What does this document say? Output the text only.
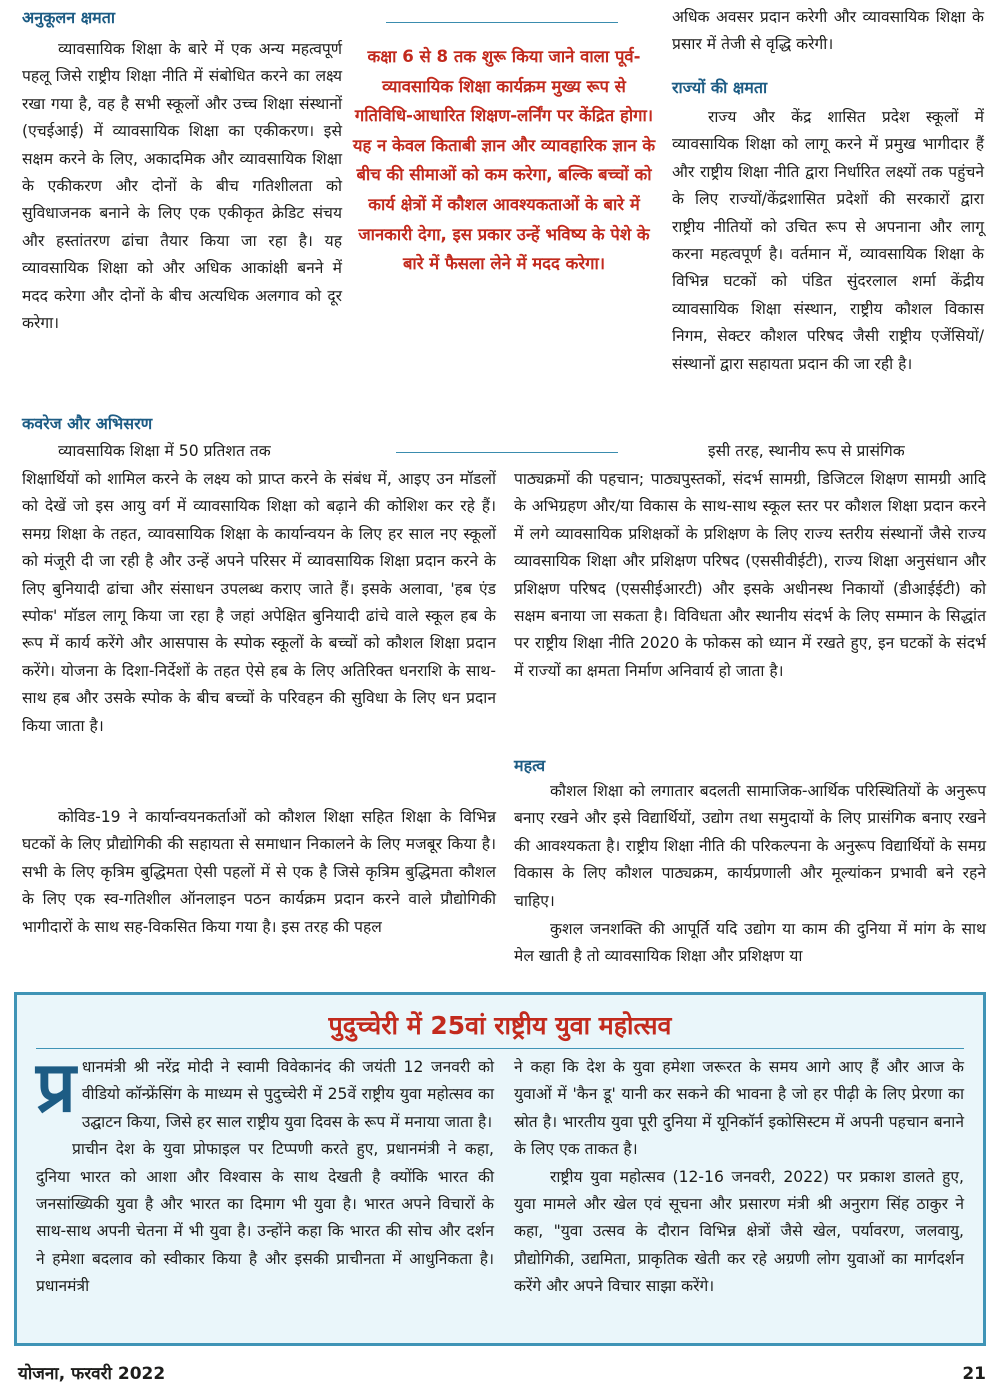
अनुकूलन क्षमता
व्यावसायिक शिक्षा के बारे में एक अन्य महत्वपूर्ण पहलू जिसे राष्ट्रीय शिक्षा नीति में संबोधित करने का लक्ष्य रखा गया है, वह है सभी स्कूलों और उच्च शिक्षा संस्थानों (एचईआई) में व्यावसायिक शिक्षा का एकीकरण। इसे सक्षम करने के लिए, अकादमिक और व्यावसायिक शिक्षा के एकीकरण और दोनों के बीच गतिशीलता को सुविधाजनक बनाने के लिए एक एकीकृत क्रेडिट संचय और हस्तांतरण ढांचा तैयार किया जा रहा है। यह व्यावसायिक शिक्षा को और अधिक आकांक्षी बनने में मदद करेगा और दोनों के बीच अत्यधिक अलगाव को दूर करेगा।
कवरेज और अभिसरण
व्यावसायिक शिक्षा में 50 प्रतिशत तक
कक्षा 6 से 8 तक शुरू किया जाने वाला पूर्व-व्यावसायिक शिक्षा कार्यक्रम मुख्य रूप से गतिविधि-आधारित शिक्षण-लर्निंग पर केंद्रित होगा। यह न केवल किताबी ज्ञान और व्यावहारिक ज्ञान के बीच की सीमाओं को कम करेगा, बल्कि बच्चों को कार्य क्षेत्रों में कौशल आवश्यकताओं के बारे में जानकारी देगा, इस प्रकार उन्हें भविष्य के पेशे के बारे में फैसला लेने में मदद करेगा।
अधिक अवसर प्रदान करेगी और व्यावसायिक शिक्षा के प्रसार में तेजी से वृद्धि करेगी।
राज्यों की क्षमता
राज्य और केंद्र शासित प्रदेश स्कूलों में व्यावसायिक शिक्षा को लागू करने में प्रमुख भागीदार हैं और राष्ट्रीय शिक्षा नीति द्वारा निर्धारित लक्ष्यों तक पहुंचने के लिए राज्यों/केंद्रशासित प्रदेशों की सरकारों द्वारा राष्ट्रीय नीतियों को उचित रूप से अपनाना और लागू करना महत्वपूर्ण है। वर्तमान में, व्यावसायिक शिक्षा के विभिन्न घटकों को पंडित सुंदरलाल शर्मा केंद्रीय व्यावसायिक शिक्षा संस्थान, राष्ट्रीय कौशल विकास निगम, सेक्टर कौशल परिषद जैसी राष्ट्रीय एजेंसियों/ संस्थानों द्वारा सहायता प्रदान की जा रही है।
इसी तरह, स्थानीय रूप से प्रासंगिक
शिक्षार्थियों को शामिल करने के लक्ष्य को प्राप्त करने के संबंध में, आइए उन मॉडलों को देखें जो इस आयु वर्ग में व्यावसायिक शिक्षा को बढ़ाने की कोशिश कर रहे हैं। समग्र शिक्षा के तहत, व्यावसायिक शिक्षा के कार्यान्वयन के लिए हर साल नए स्कूलों को मंजूरी दी जा रही है और उन्हें अपने परिसर में व्यावसायिक शिक्षा प्रदान करने के लिए बुनियादी ढांचा और संसाधन उपलब्ध कराए जाते हैं। इसके अलावा, 'हब एंड स्पोक' मॉडल लागू किया जा रहा है जहां अपेक्षित बुनियादी ढांचे वाले स्कूल हब के रूप में कार्य करेंगे और आसपास के स्पोक स्कूलों के बच्चों को कौशल शिक्षा प्रदान करेंगे। योजना के दिशा-निर्देशों के तहत ऐसे हब के लिए अतिरिक्त धनराशि के साथ-साथ हब और उसके स्पोक के बीच बच्चों के परिवहन की सुविधा के लिए धन प्रदान किया जाता है।
कोविड-19 ने कार्यान्वयनकर्ताओं को कौशल शिक्षा सहित शिक्षा के विभिन्न घटकों के लिए प्रौद्योगिकी की सहायता से समाधान निकालने के लिए मजबूर किया है। सभी के लिए कृत्रिम बुद्धिमता ऐसी पहलों में से एक है जिसे कृत्रिम बुद्धिमता कौशल के लिए एक स्व-गतिशील ऑनलाइन पठन कार्यक्रम प्रदान करने वाले प्रौद्योगिकी भागीदारों के साथ सह-विकसित किया गया है। इस तरह की पहल
पाठ्यक्रमों की पहचान; पाठ्यपुस्तकों, संदर्भ सामग्री, डिजिटल शिक्षण सामग्री आदि के अभिग्रहण और/या विकास के साथ-साथ स्कूल स्तर पर कौशल शिक्षा प्रदान करने में लगे व्यावसायिक प्रशिक्षकों के प्रशिक्षण के लिए राज्य स्तरीय संस्थानों जैसे राज्य व्यावसायिक शिक्षा और प्रशिक्षण परिषद (एससीवीईटी), राज्य शिक्षा अनुसंधान और प्रशिक्षण परिषद (एससीईआरटी) और इसके अधीनस्थ निकायों (डीआईईटी) को सक्षम बनाया जा सकता है। विविधता और स्थानीय संदर्भ के लिए सम्मान के सिद्धांत पर राष्ट्रीय शिक्षा नीति 2020 के फोकस को ध्यान में रखते हुए, इन घटकों के संदर्भ में राज्यों का क्षमता निर्माण अनिवार्य हो जाता है।
महत्व
कौशल शिक्षा को लगातार बदलती सामाजिक-आर्थिक परिस्थितियों के अनुरूप बनाए रखने और इसे विद्यार्थियों, उद्योग तथा समुदायों के लिए प्रासंगिक बनाए रखने की आवश्यकता है। राष्ट्रीय शिक्षा नीति की परिकल्पना के अनुरूप विद्यार्थियों के समग्र विकास के लिए कौशल पाठ्यक्रम, कार्यप्रणाली और मूल्यांकन प्रभावी बने रहने चाहिए।
कुशल जनशक्ति की आपूर्ति यदि उद्योग या काम की दुनिया में मांग के साथ मेल खाती है तो व्यावसायिक शिक्षा और प्रशिक्षण या
पुदुच्चेरी में 25वां राष्ट्रीय युवा महोत्सव
प्र धानमंत्री श्री नरेंद्र मोदी ने स्वामी विवेकानंद की जयंती 12 जनवरी को वीडियो कॉन्फ्रेंसिंग के माध्यम से पुदुच्चेरी में 25वें राष्ट्रीय युवा महोत्सव का उद्घाटन किया, जिसे हर साल राष्ट्रीय युवा दिवस के रूप में मनाया जाता है।
प्राचीन देश के युवा प्रोफाइल पर टिप्पणी करते हुए, प्रधानमंत्री ने कहा, दुनिया भारत को आशा और विश्वास के साथ देखती है क्योंकि भारत की जनसांख्यिकी युवा है और भारत का दिमाग भी युवा है। भारत अपने विचारों के साथ-साथ अपनी चेतना में भी युवा है। उन्होंने कहा कि भारत की सोच और दर्शन ने हमेशा बदलाव को स्वीकार किया है और इसकी प्राचीनता में आधुनिकता है। प्रधानमंत्री
ने कहा कि देश के युवा हमेशा जरूरत के समय आगे आए हैं और आज के युवाओं में 'कैन डू' यानी कर सकने की भावना है जो हर पीढ़ी के लिए प्रेरणा का स्रोत है। भारतीय युवा पूरी दुनिया में यूनिकॉर्न इकोसिस्टम में अपनी पहचान बनाने के लिए एक ताकत है।
राष्ट्रीय युवा महोत्सव (12-16 जनवरी, 2022) पर प्रकाश डालते हुए, युवा मामले और खेल एवं सूचना और प्रसारण मंत्री श्री अनुराग सिंह ठाकुर ने कहा, "युवा उत्सव के दौरान विभिन्न क्षेत्रों जैसे खेल, पर्यावरण, जलवायु, प्रौद्योगिकी, उद्यमिता, प्राकृतिक खेती कर रहे अग्रणी लोग युवाओं का मार्गदर्शन करेंगे और अपने विचार साझा करेंगे।
योजना, फरवरी 2022	21
